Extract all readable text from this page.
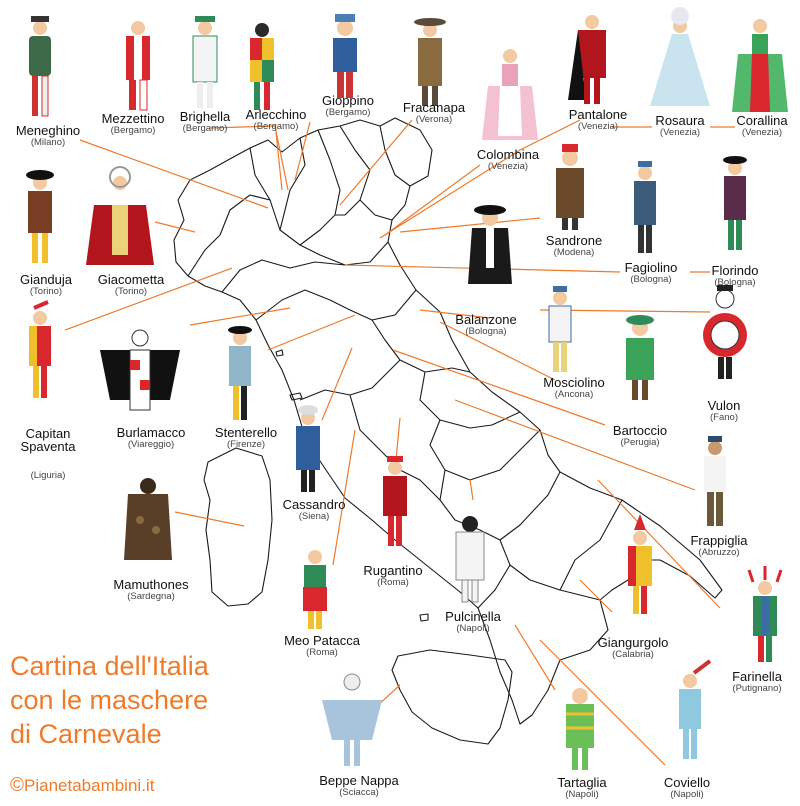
Meneghino
(Milano)
Mezzettino
(Bergamo)
Brighella
(Bergamo)
Arlecchino
(Bergamo)
Gioppino
(Bergamo) Fracanapa
(Verona)	Pantalone
(Venezia)	Rosaura
(Venezia)
Corallina
(Venezia)
Colombina
(Venezia)
Gianduja
(Torino)
Giacometta
(Torino)
Sandrone
(Modena)
Fagiolino
(Bologna)
Florindo
(Bologna)
Balanzone
(Bologna)

Capitan
Spaventa

(Liguria)

Burlamacco
(Viareggio)
Stenterello
(Firenze)
Mosciolino
(Ancona)
Vulon
(Fano)
Bartoccio
(Perugia)
Cassandro
(Siena)
Frappiglia
(Abruzzo)
Mamuthones
(Sardegna)
Rugantino
(Roma)
Meo Patacca
(Roma)
Pulcinella
(Napoli)
Giangurgolo
(Calabria)
Farinella
(Putignano)
Beppe Nappa
(Sciacca)
Tartaglia
(Napoli)
Coviello
(Napoli)
Cartina dell'Italia
con le maschere
di Carnevale
©Pianetabambini.it
